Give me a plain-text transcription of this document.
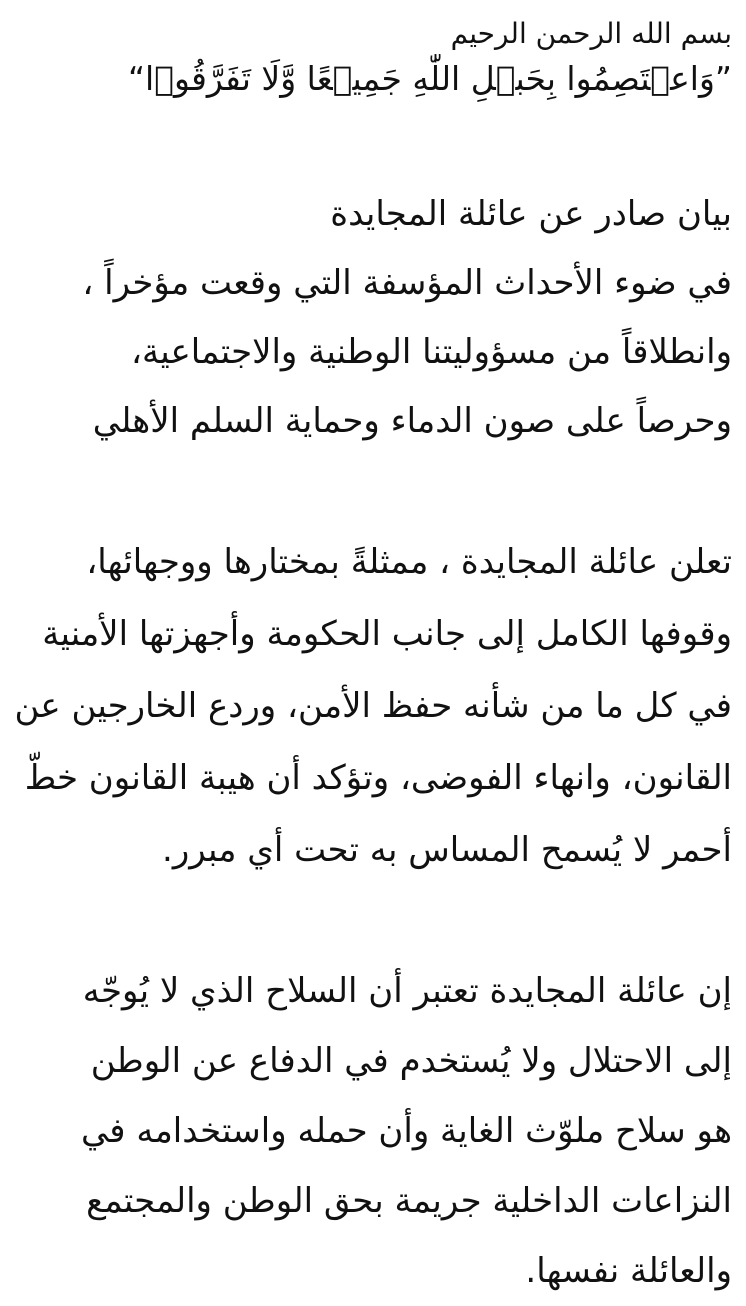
بسم الله الرحمن الرحيم
”وَاعۡتَصِمُوا بِحَبۡلِ اللّٰهِ جَمِيۡعًا وَّلَا تَفَرَّقُوۡا“
بيان صادر عن عائلة المجايدة
في ضوء الأحداث المؤسفة التي وقعت مؤخراً ،
وانطلاقاً من مسؤوليتنا الوطنية والاجتماعية،
وحرصاً على صون الدماء وحماية السلم الأهلي
تعلن عائلة المجايدة ، ممثلةً بمختارها ووجهائها،
وقوفها الكامل إلى جانب الحكومة وأجهزتها الأمنية
في كل ما من شأنه حفظ الأمن، وردع الخارجين عن
القانون، وانهاء الفوضى، وتؤكد أن هيبة القانون خطّ
أحمر لا يُسمح المساس به تحت أي مبرر.
إن عائلة المجايدة تعتبر أن السلاح الذي لا يُوجّه
إلى الاحتلال ولا يُستخدم في الدفاع عن الوطن
هو سلاح ملوّث الغاية وأن حمله واستخدامه في
النزاعات الداخلية جريمة بحق الوطن والمجتمع
والعائلة نفسها.
